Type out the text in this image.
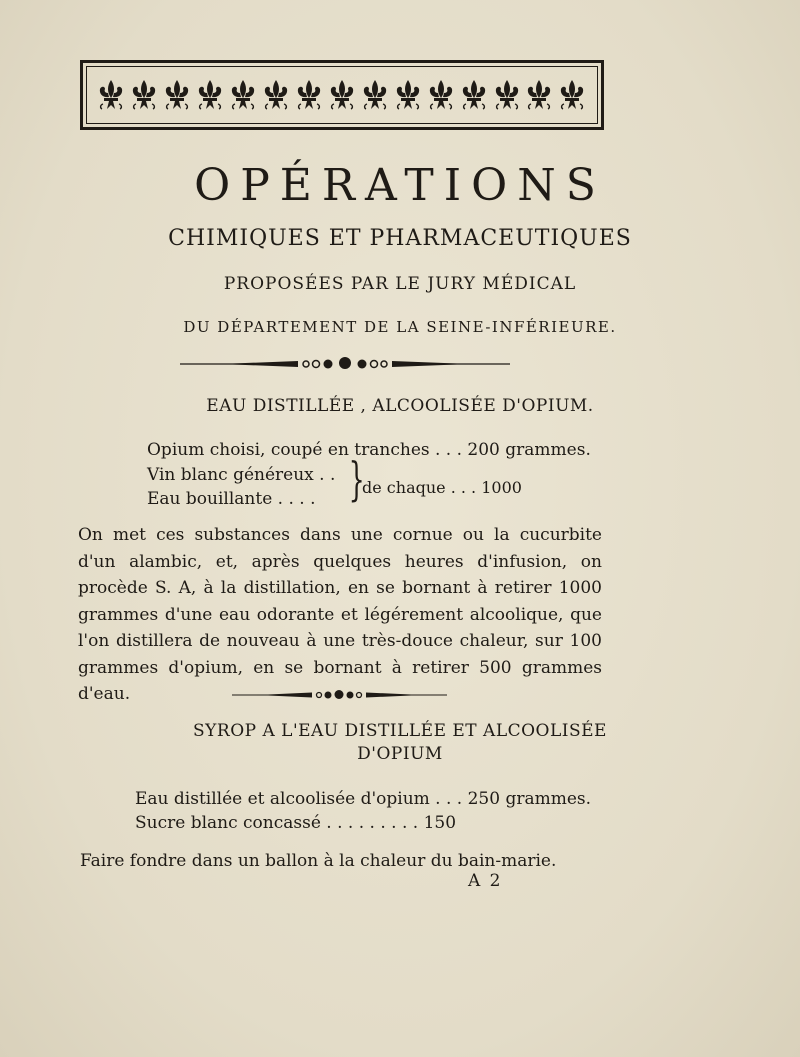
OPÉRATIONS
CHIMIQUES ET PHARMACEUTIQUES
PROPOSÉES PAR LE JURY MÉDICAL
DU DÉPARTEMENT DE LA SEINE-INFÉRIEURE.
EAU DISTILLÉE , ALCOOLISÉE D'OPIUM.
Opium choisi, coupé en tranches . . . 200 grammes.
Vin blanc généreux . .
Eau bouillante . . . . }
de chaque . . . 1000

On met ces substances dans une cornue ou la cucurbite d'un alambic, et, après quelques heures d'infusion, on procède S. A, à la distillation, en se bornant à retirer 1000 grammes d'une eau odorante et légérement alcoolique, que l'on distillera de nouveau à une très-douce chaleur, sur 100 grammes d'opium, en se bornant à retirer 500 grammes d'eau.

SYROP A L'EAU DISTILLÉE ET ALCOOLISÉE
D'OPIUM
Eau distillée et alcoolisée d'opium . . . 250 grammes.
Sucre blanc concassé . . . . . . . . . 150
Faire fondre dans un ballon à la chaleur du bain-marie.
A 2
